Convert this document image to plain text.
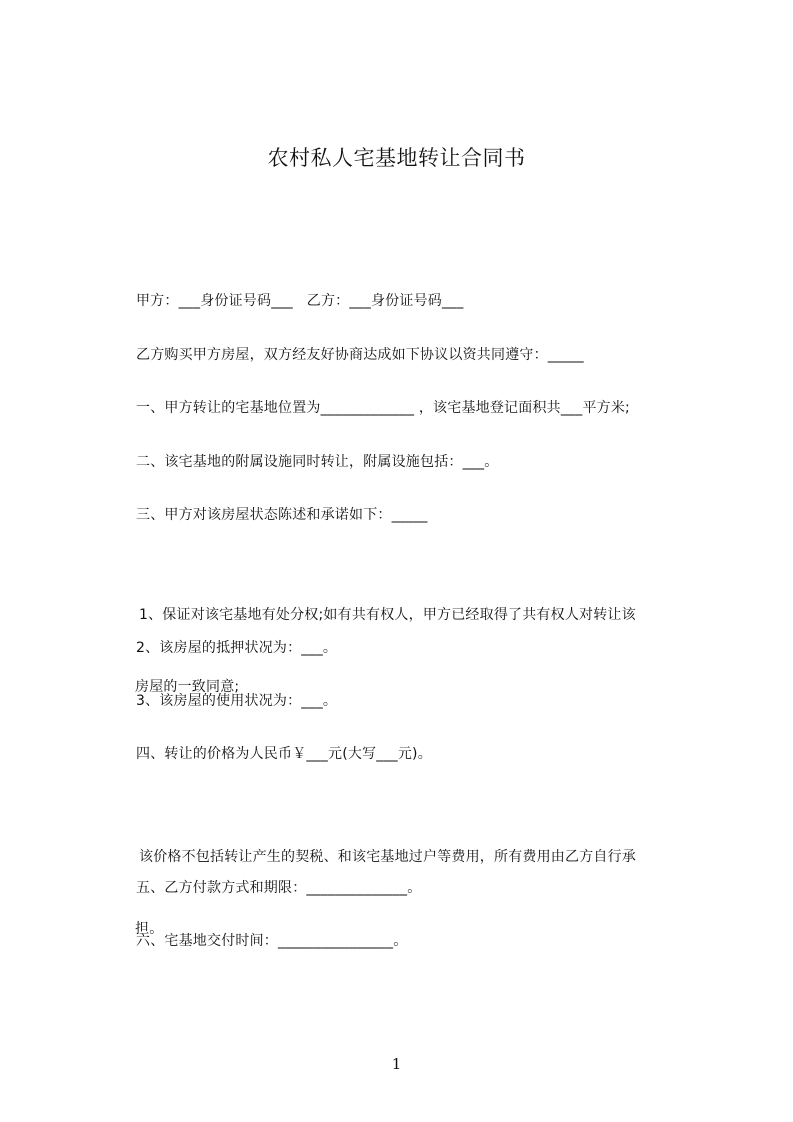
农村私人宅基地转让合同书
甲方：___身份证号码___   乙方：___身份证号码___
乙方购买甲方房屋，双方经友好协商达成如下协议以资共同遵守：_____
一、甲方转让的宅基地位置为_____________ ，该宅基地登记面积共___平方米;
二、该宅基地的附属设施同时转让，附属设施包括：___。
三、甲方对该房屋状态陈述和承诺如下：_____

1、保证对该宅基地有处分权;如有共有权人，甲方已经取得了共有权人对转让该

房屋的一致同意;

2、该房屋的抵押状况为：___。
3、该房屋的使用状况为：___。
四、转让的价格为人民币￥___元(大写___元)。

该价格不包括转让产生的契税、和该宅基地过户等费用，所有费用由乙方自行承

担。

五、乙方付款方式和期限：______________。
六、宅基地交付时间：________________。
1
